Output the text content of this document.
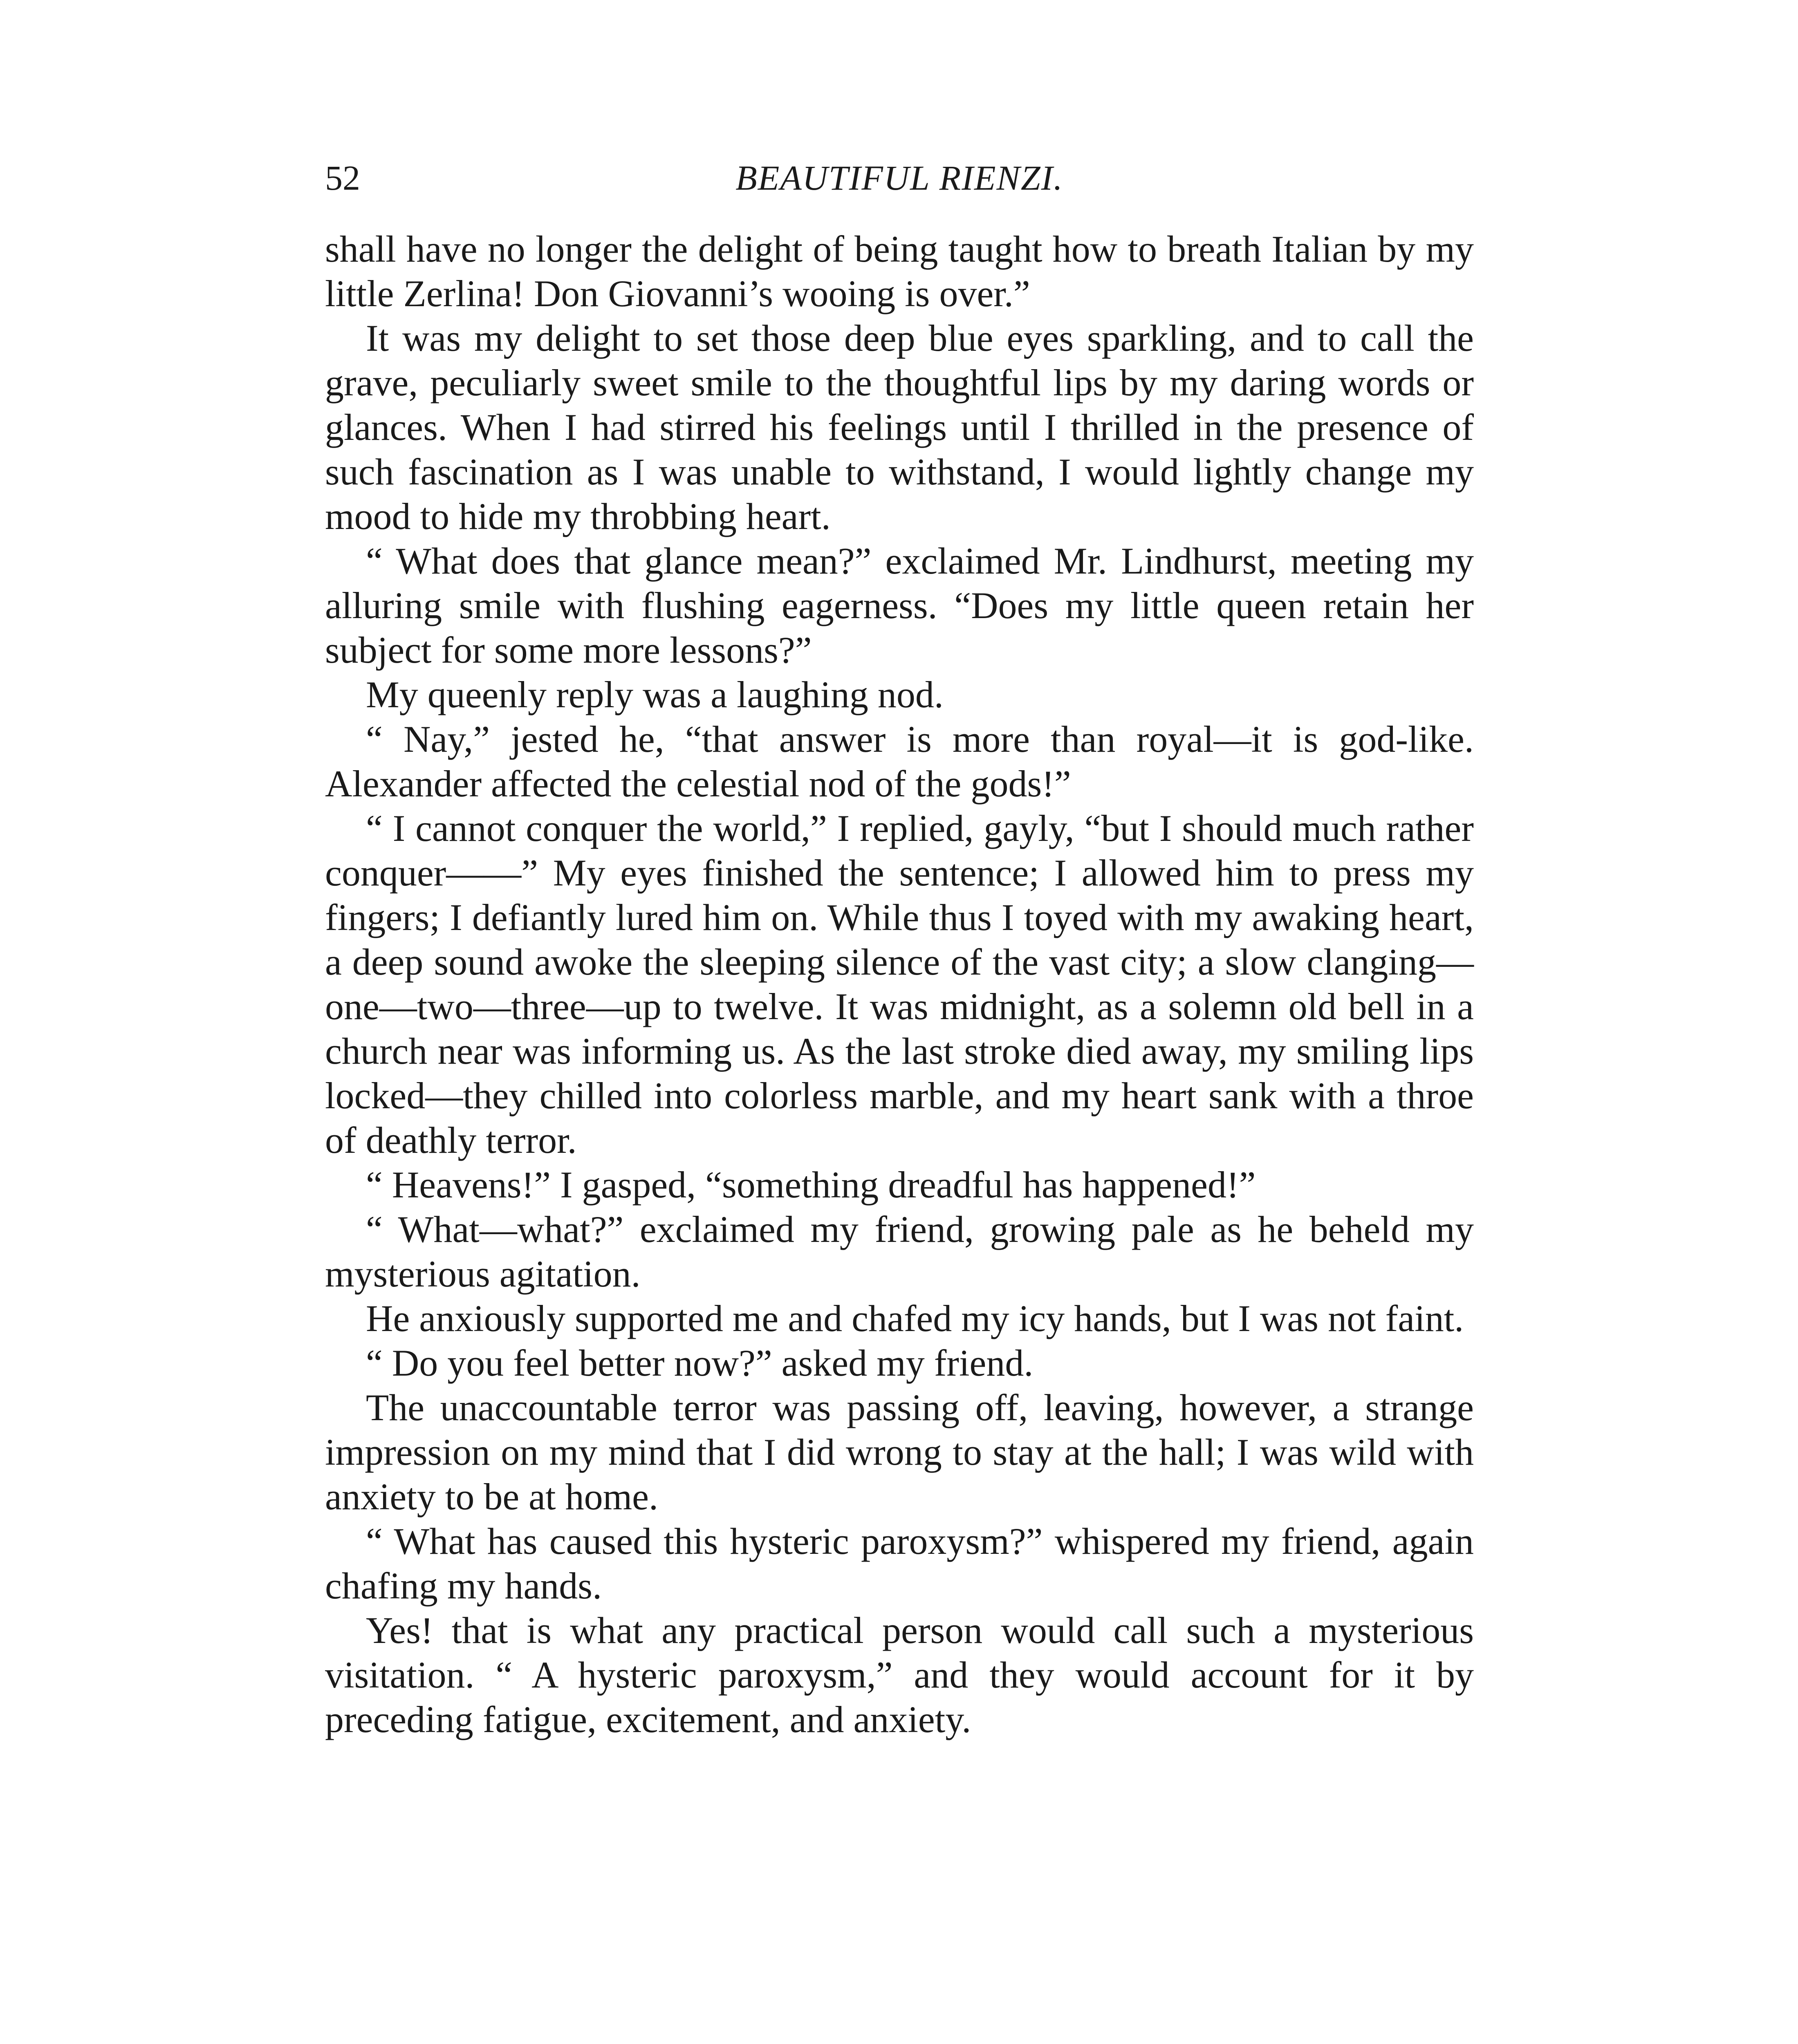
52	BEAUTIFUL RIENZI.

shall have no longer the delight of being taught how to breath Italian by my little Zerlina! Don Giovanni’s wooing is over.”

It was my delight to set those deep blue eyes sparkling, and to call the grave, peculiarly sweet smile to the thoughtful lips by my daring words or glances. When I had stirred his feelings until I thrilled in the presence of such fascination as I was unable to withstand, I would lightly change my mood to hide my throbbing heart.

“ What does that glance mean?” exclaimed Mr. Lindhurst, meeting my alluring smile with flushing eagerness. “Does my little queen retain her subject for some more lessons?”

My queenly reply was a laughing nod.

“ Nay,” jested he, “that answer is more than royal—it is god-like. Alexander affected the celestial nod of the gods!”

“ I cannot conquer the world,” I replied, gayly, “but I should much rather conquer——” My eyes finished the sentence; I allowed him to press my fingers; I defiantly lured him on. While thus I toyed with my awaking heart, a deep sound awoke the sleeping silence of the vast city; a slow clanging—one—two—three—up to twelve. It was midnight, as a solemn old bell in a church near was informing us. As the last stroke died away, my smiling lips locked—they chilled into colorless marble, and my heart sank with a throe of deathly terror.

“ Heavens!” I gasped, “something dreadful has happened!”

“ What—what?” exclaimed my friend, growing pale as he beheld my mysterious agitation.

He anxiously supported me and chafed my icy hands, but I was not faint.

“ Do you feel better now?” asked my friend.

The unaccountable terror was passing off, leaving, however, a strange impression on my mind that I did wrong to stay at the hall; I was wild with anxiety to be at home.

“ What has caused this hysteric paroxysm?” whispered my friend, again chafing my hands.

Yes! that is what any practical person would call such a mysterious visitation. “ A hysteric paroxysm,” and they would account for it by preceding fatigue, excitement, and anxiety.
